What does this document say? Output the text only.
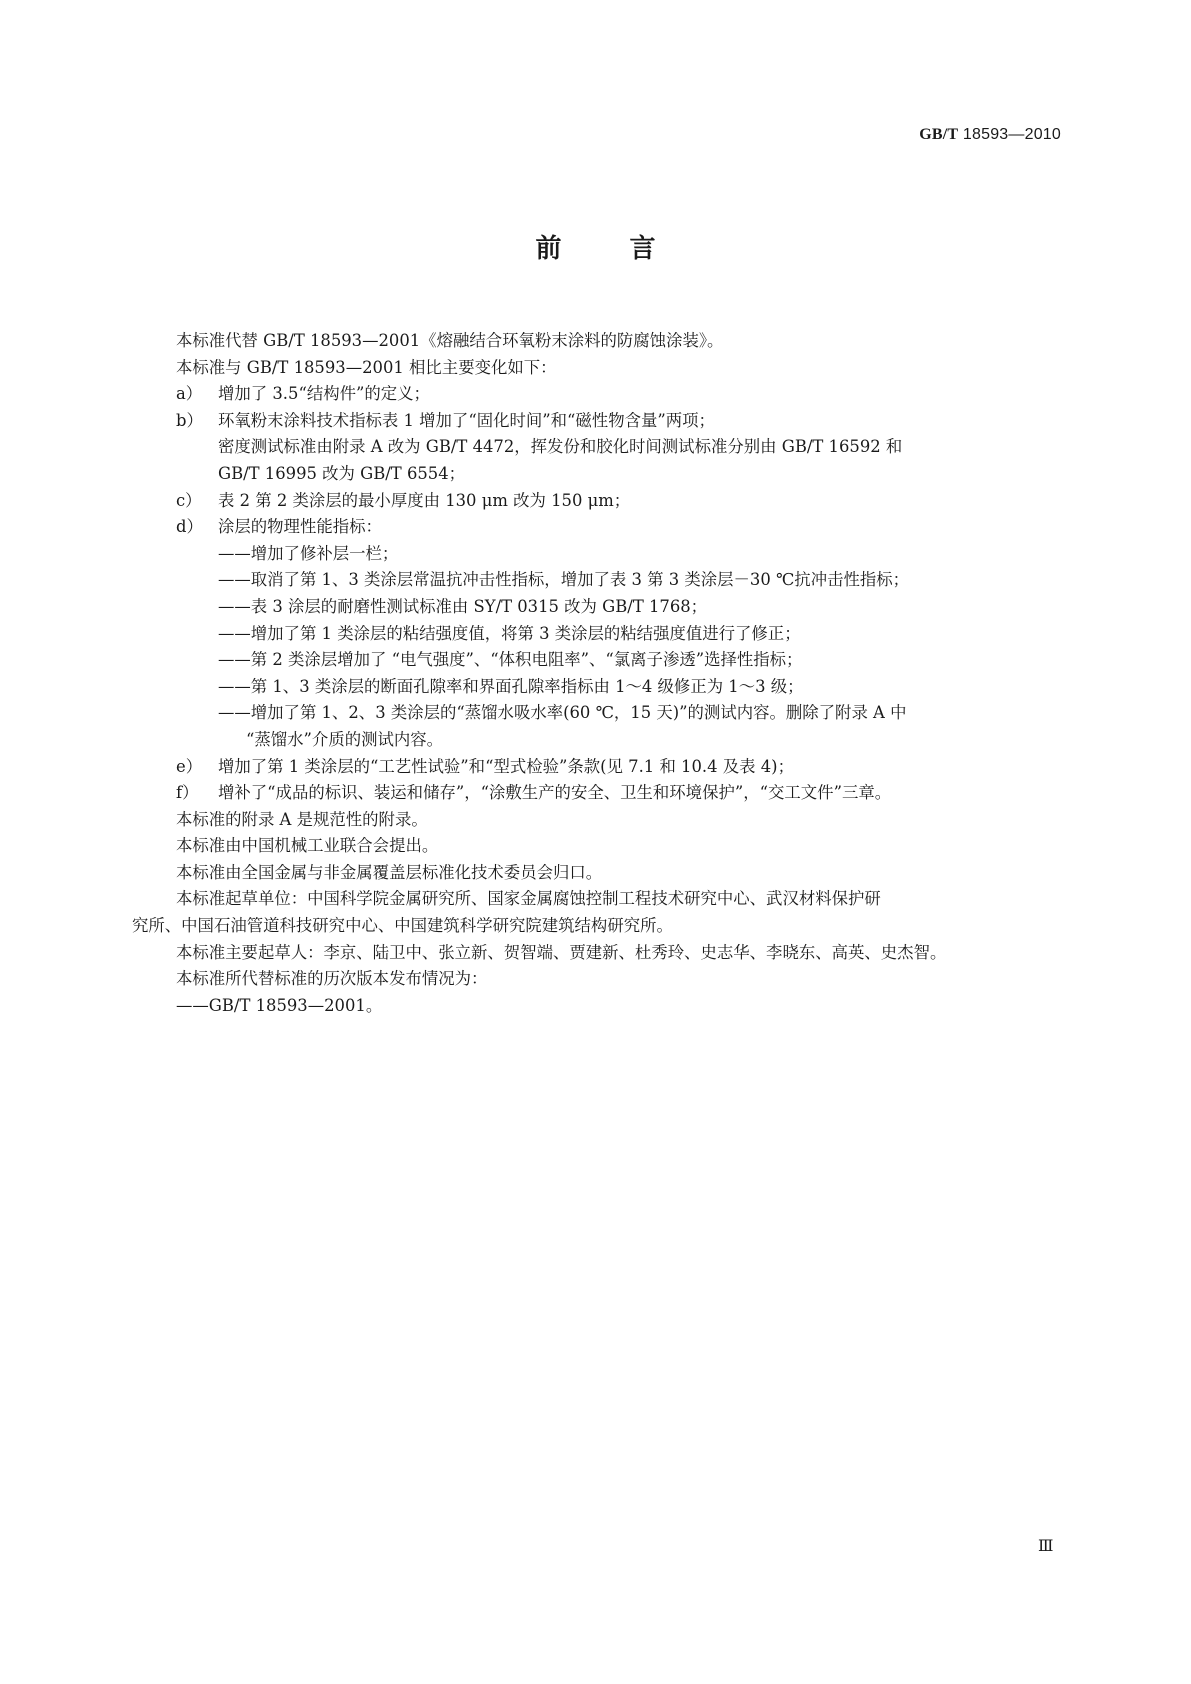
GB/T 18593—2010
前	言
本标准代替 GB/T 18593—2001《熔融结合环氧粉末涂料的防腐蚀涂装》。
本标准与 GB/T 18593—2001 相比主要变化如下：
a） 增加了 3.5“结构件”的定义；
b） 环氧粉末涂料技术指标表 1 增加了“固化时间”和“磁性物含量”两项；
密度测试标准由附录 A 改为 GB/T 4472，挥发份和胶化时间测试标准分别由 GB/T 16592 和
GB/T 16995 改为 GB/T 6554；
c） 表 2 第 2 类涂层的最小厚度由 130 μm 改为 150 μm；
d） 涂层的物理性能指标：
——增加了修补层一栏；
——取消了第 1、3 类涂层常温抗冲击性指标，增加了表 3 第 3 类涂层－30 ℃抗冲击性指标；
——表 3 涂层的耐磨性测试标准由 SY/T 0315 改为 GB/T 1768；
——增加了第 1 类涂层的粘结强度值，将第 3 类涂层的粘结强度值进行了修正；
——第 2 类涂层增加了 “电气强度”、“体积电阻率”、“氯离子渗透”选择性指标；
——第 1、3 类涂层的断面孔隙率和界面孔隙率指标由 1～4 级修正为 1～3 级；
——增加了第 1、2、3 类涂层的“蒸馏水吸水率(60 ℃，15 天)”的测试内容。删除了附录 A 中
“蒸馏水”介质的测试内容。
e） 增加了第 1 类涂层的“工艺性试验”和“型式检验”条款(见 7.1 和 10.4 及表 4)；
f） 增补了“成品的标识、装运和储存”，“涂敷生产的安全、卫生和环境保护”，“交工文件”三章。
本标准的附录 A 是规范性的附录。
本标准由中国机械工业联合会提出。
本标准由全国金属与非金属覆盖层标准化技术委员会归口。
本标准起草单位：中国科学院金属研究所、国家金属腐蚀控制工程技术研究中心、武汉材料保护研
究所、中国石油管道科技研究中心、中国建筑科学研究院建筑结构研究所。
本标准主要起草人：李京、陆卫中、张立新、贺智端、贾建新、杜秀玲、史志华、李晓东、高英、史杰智。
本标准所代替标准的历次版本发布情况为：
——GB/T 18593—2001。
Ⅲ
